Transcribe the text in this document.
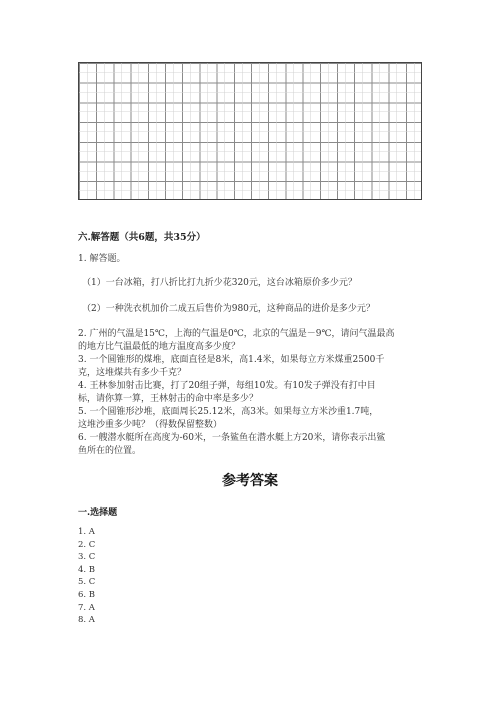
六.解答题（共6题，共35分）
1. 解答题。
（1）一台冰箱，打八折比打九折少花320元，这台冰箱原价多少元？
（2）一种洗衣机加价二成五后售价为980元，这种商品的进价是多少元？
2. 广州的气温是15℃，上海的气温是0℃，北京的气温是－9℃，请问气温最高
的地方比气温最低的地方温度高多少度？
3. 一个圆锥形的煤堆，底面直径是8米，高1.4米，如果每立方米煤重2500千
克，这堆煤共有多少千克？
4. 王林参加射击比赛，打了20组子弹，每组10发。有10发子弹没有打中目
标，请你算一算，王林射击的命中率是多少？
5. 一个圆锥形沙堆，底面周长25.12米，高3米。如果每立方米沙重1.7吨，
这堆沙重多少吨？（得数保留整数）
6. 一艘潜水艇所在高度为-60米，一条鲨鱼在潜水艇上方20米，请你表示出鲨
鱼所在的位置。
参考答案
一.选择题
1. A
2. C
3. C
4. B
5. C
6. B
7. A
8. A
